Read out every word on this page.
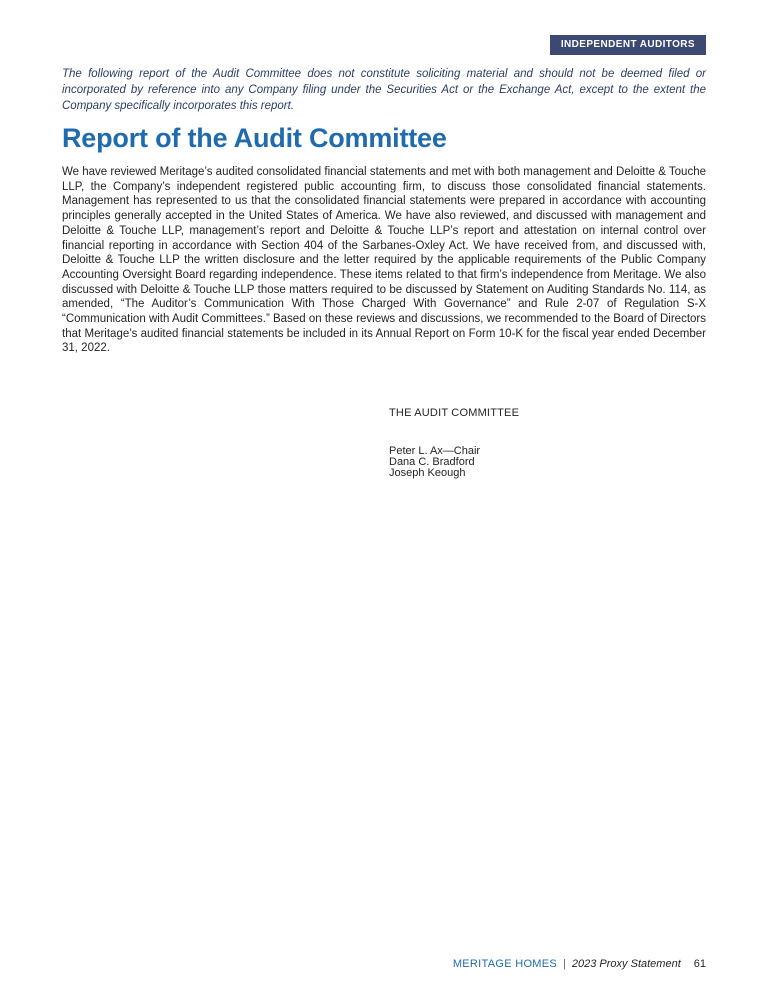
INDEPENDENT AUDITORS

The following report of the Audit Committee does not constitute soliciting material and should not be deemed filed or incorporated by reference into any Company filing under the Securities Act or the Exchange Act, except to the extent the Company specifically incorporates this report.

Report of the Audit Committee

We have reviewed Meritage’s audited consolidated financial statements and met with both management and Deloitte & Touche LLP, the Company’s independent registered public accounting firm, to discuss those consolidated financial statements. Management has represented to us that the consolidated financial statements were prepared in accordance with accounting principles generally accepted in the United States of America. We have also reviewed, and discussed with management and Deloitte & Touche LLP, management’s report and Deloitte & Touche LLP’s report and attestation on internal control over financial reporting in accordance with Section 404 of the Sarbanes-Oxley Act. We have received from, and discussed with, Deloitte & Touche LLP the written disclosure and the letter required by the applicable requirements of the Public Company Accounting Oversight Board regarding independence. These items related to that firm’s independence from Meritage. We also discussed with Deloitte & Touche LLP those matters required to be discussed by Statement on Auditing Standards No. 114, as amended, “The Auditor’s Communication With Those Charged With Governance” and Rule 2-07 of Regulation S-X “Communication with Audit Committees.” Based on these reviews and discussions, we recommended to the Board of Directors that Meritage’s audited financial statements be included in its Annual Report on Form 10-K for the fiscal year ended December 31, 2022.

THE AUDIT COMMITTEE
Peter L. Ax—Chair
Dana C. Bradford
Joseph Keough
MERITAGE HOMES | 2023 Proxy Statement 61
